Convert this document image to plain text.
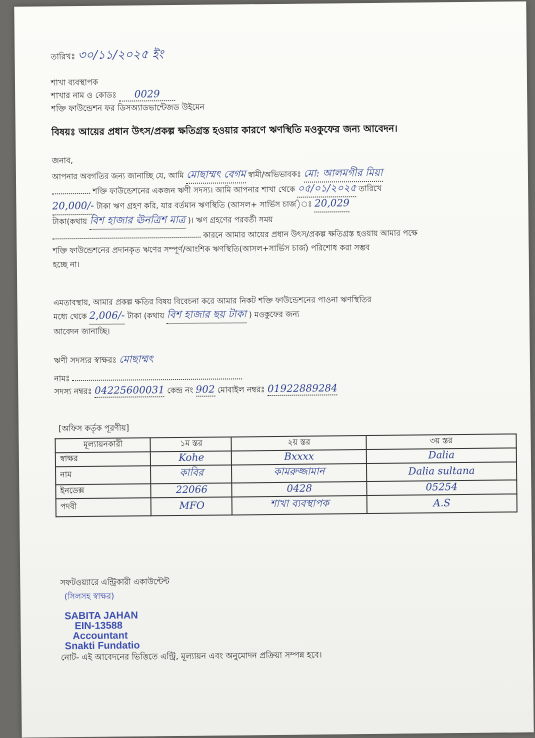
তারিখঃ ৩০/১১/২০২৫ ইং
শাখা ব্যবস্থাপক
শাখার নাম ও কোডঃ 0029
শক্তি ফাউন্ডেশন ফর ডিসঅ্যাডভান্টেজড উইমেন
বিষয়ঃ আয়ের প্রধান উৎস/প্রকল্প ক্ষতিগ্রস্ত হওয়ার কারণে ঋণস্থিতি মওকুফের জন্য আবেদন।
জনাব,
আপনার অবগতির জন্য জানাচ্ছি যে, আমি মোছাম্মৎ বেগম স্বামী/অভিভাবকঃ মো: আলমগীর মিয়া
শক্তি ফাউন্ডেশনের একজন ঋণী সদস্য। আমি আপনার শাখা থেকে ০৫/০১/২০২৫ তারিখে
20,000/- টাকা ঋণ গ্রহণ করি, যার বর্তমান ঋণস্থিতি (আসল+ সার্ভিস চার্জ)ঃ 20,029
টাকা(কথায় বিশ হাজার ঊনত্রিশ মাত্র )। ঋণ গ্রহণের পরবর্তী সময়
কারনে আমার আয়ের প্রধান উৎস/প্রকল্প ক্ষতিগ্রস্ত হওয়ায় আমার পক্ষে
শক্তি ফাউন্ডেশনের প্রদানকৃত ঋণের সম্পূর্ণ/আংশিক ঋণস্থিতি(আসল+সার্ভিস চার্জ) পরিশোধ করা সম্ভব
হচ্ছে না।
এমতাবস্থায়, আমার প্রকল্প ক্ষতির বিষয় বিবেচনা করে আমার নিকট শক্তি ফাউন্ডেশনের পাওনা ঋণস্থিতির
মধ্যে থেকে 2,006/- টাকা (কথায় বিশ হাজার ছয় টাকা ) মওকুফের জন্য
আবেদন জানাচ্ছি।
ঋণী সদস্যর স্বাক্ষরঃ মোছাম্মৎ
নামঃ
সদস্য নম্বরঃ 04225600031 কেন্দ্র নং 902 মোবাইল নম্বরঃ 01922889284
[অফিস কর্তৃক পূরণীয়]
মূল্যায়নকারী	১ম স্তর	২য় স্তর	৩য় স্তর
স্বাক্ষর	Kohe	Bxxxx	Dalia
নাম	কাবির	কামরুজ্জামান	Dalia sultana
ইনডেক্স	22066	0428	05254
পদবী	MFO	শাখা ব্যবস্থাপক	A.S
সফটওয়্যারে এন্ট্রিকারী একাউন্টেন্ট
(সিলসহ স্বাক্ষর)
SABITA JAHAN
EIN-13588
Accountant
Snakti Fundatio
নোট- এই আবেদনের ভিত্তিতে এন্ট্রি, মূল্যায়ন এবং অনুমোদন প্রক্রিয়া সম্পন্ন হবে।
